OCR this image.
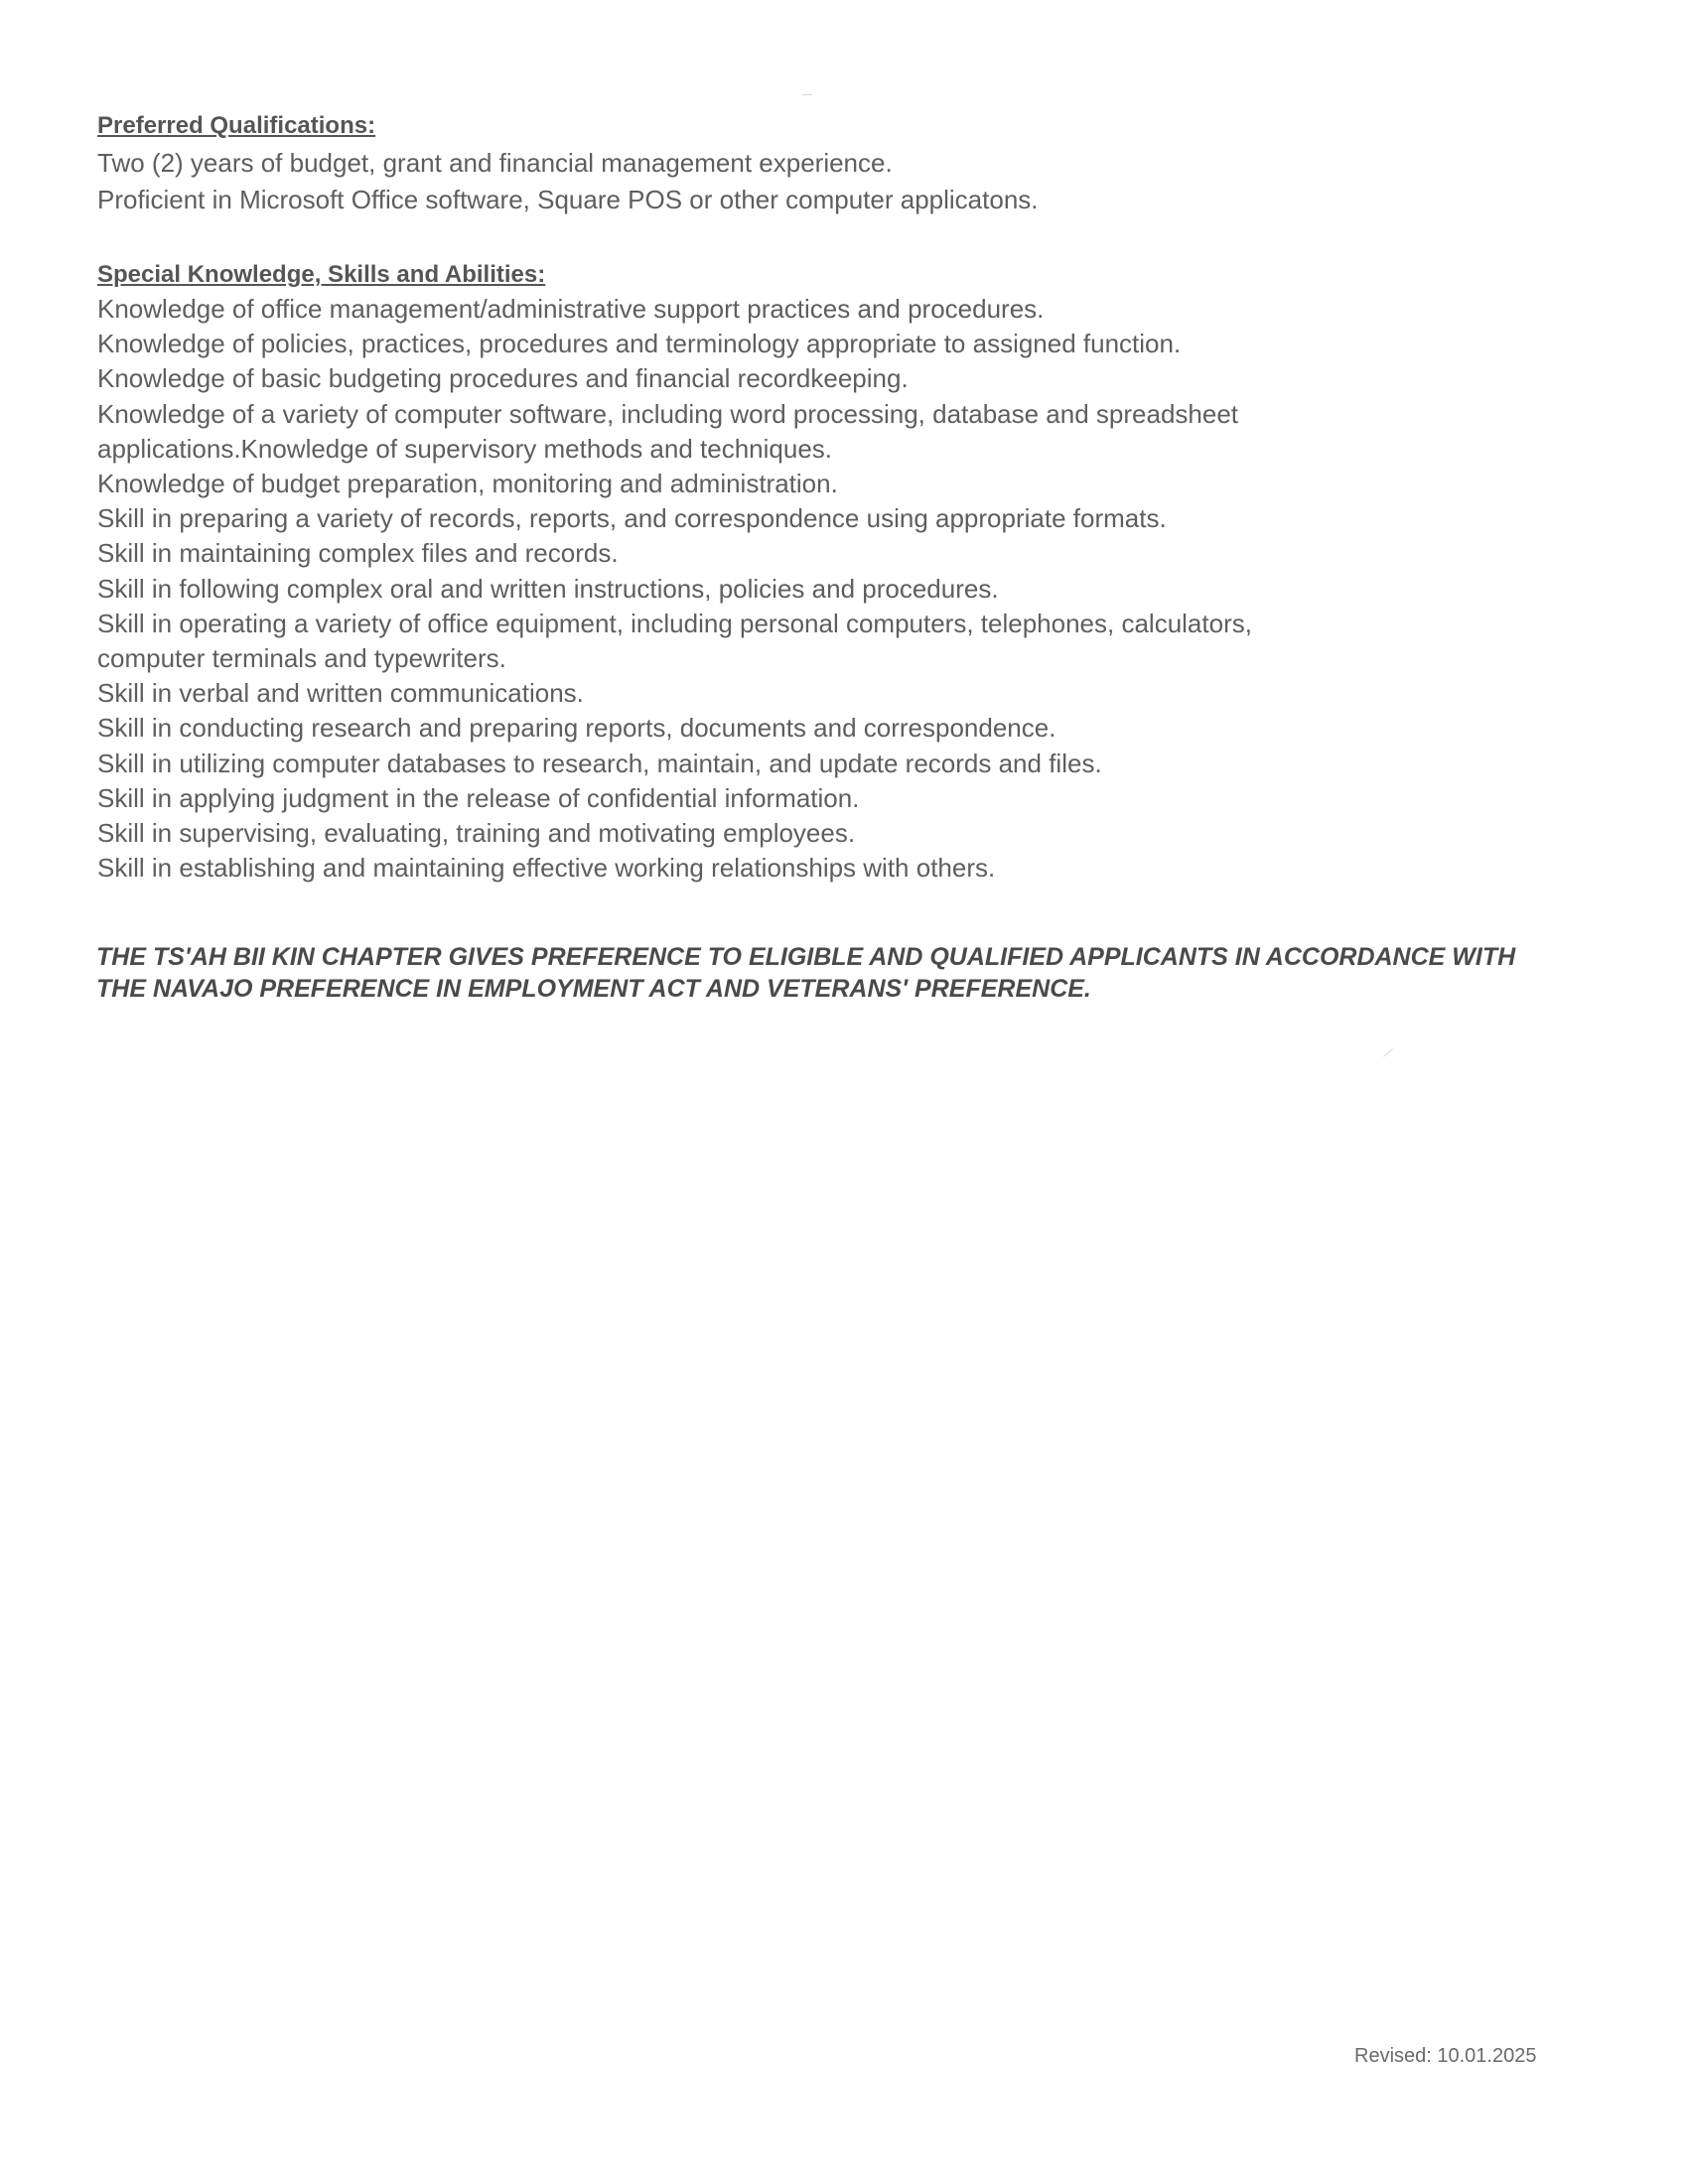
Preferred Qualifications:

Two (2) years of budget, grant and financial management experience.

Proficient in Microsoft Office software, Square POS or other computer applicatons.

Special Knowledge, Skills and Abilities:

Knowledge of office management/administrative support practices and procedures.

Knowledge of policies, practices, procedures and terminology appropriate to assigned function.

Knowledge of basic budgeting procedures and financial recordkeeping.

Knowledge of a variety of computer software, including word processing, database and spreadsheet

applications.Knowledge of supervisory methods and techniques.

Knowledge of budget preparation, monitoring and administration.

Skill in preparing a variety of records, reports, and correspondence using appropriate formats.

Skill in maintaining complex files and records.

Skill in following complex oral and written instructions, policies and procedures.

Skill in operating a variety of office equipment, including personal computers, telephones, calculators,

computer terminals and typewriters.

Skill in verbal and written communications.

Skill in conducting research and preparing reports, documents and correspondence.

Skill in utilizing computer databases to research, maintain, and update records and files.

Skill in applying judgment in the release of confidential information.

Skill in supervising, evaluating, training and motivating employees.

Skill in establishing and maintaining effective working relationships with others.

THE TS'AH BII KIN CHAPTER GIVES PREFERENCE TO ELIGIBLE AND QUALIFIED APPLICANTS IN ACCORDANCE WITH
THE NAVAJO PREFERENCE IN EMPLOYMENT ACT AND VETERANS' PREFERENCE.

Revised: 10.01.2025
